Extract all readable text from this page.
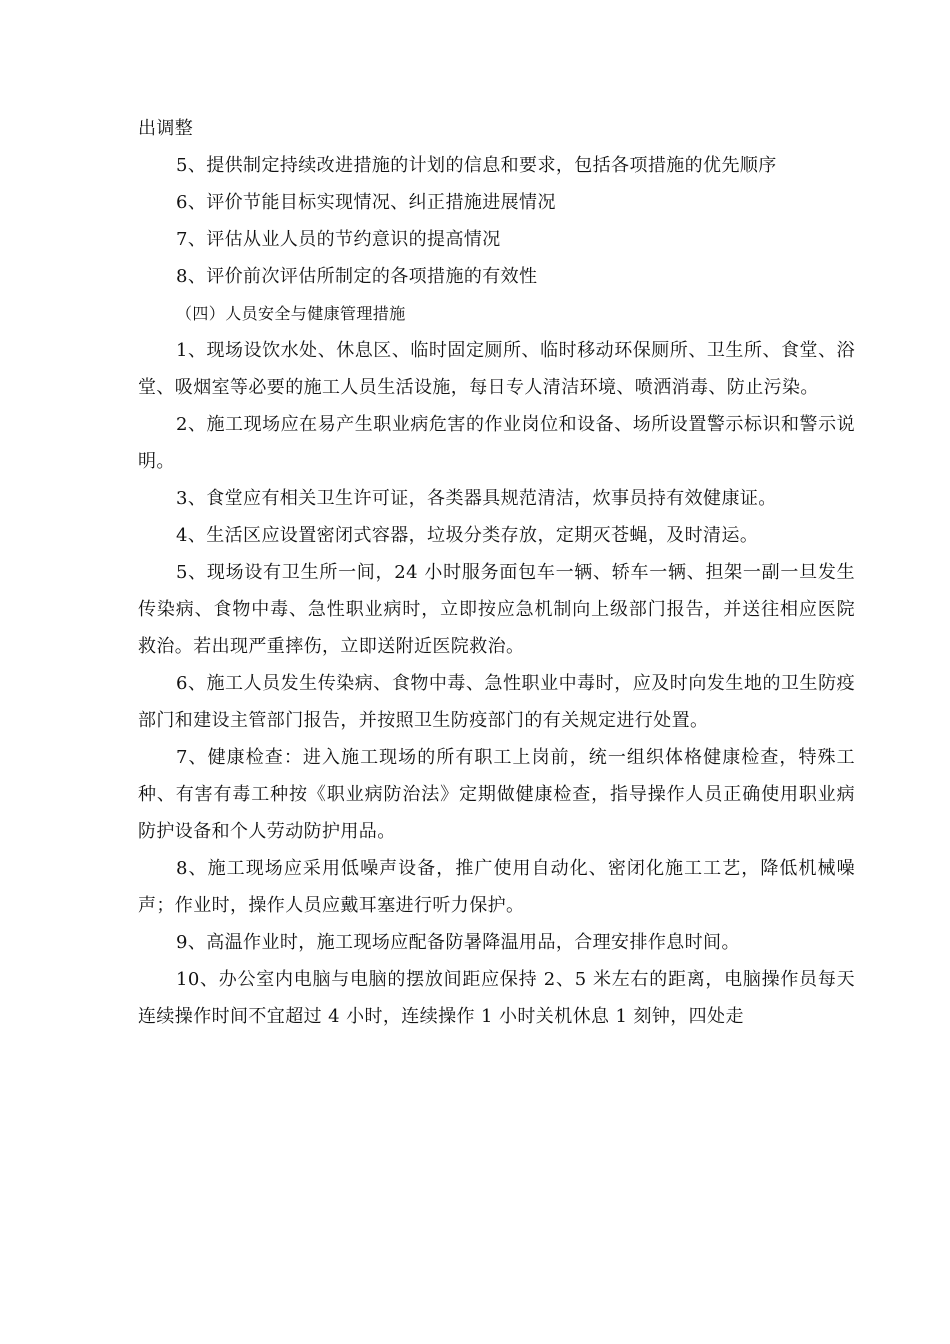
出调整

5、提供制定持续改进措施的计划的信息和要求，包括各项措施的优先顺序

6、评价节能目标实现情况、纠正措施进展情况

7、评估从业人员的节约意识的提高情况

8、评价前次评估所制定的各项措施的有效性

（四）人员安全与健康管理措施

1、现场设饮水处、休息区、临时固定厕所、临时移动环保厕所、卫生所、食堂、浴堂、吸烟室等必要的施工人员生活设施，每日专人清洁环境、喷洒消毒、防止污染。

2、施工现场应在易产生职业病危害的作业岗位和设备、场所设置警示标识和警示说明。

3、食堂应有相关卫生许可证，各类器具规范清洁，炊事员持有效健康证。

4、生活区应设置密闭式容器，垃圾分类存放，定期灭苍蝇，及时清运。

5、现场设有卫生所一间，24 小时服务面包车一辆、轿车一辆、担架一副一旦发生传染病、食物中毒、急性职业病时，立即按应急机制向上级部门报告，并送往相应医院救治。若出现严重摔伤，立即送附近医院救治。

6、施工人员发生传染病、食物中毒、急性职业中毒时，应及时向发生地的卫生防疫部门和建设主管部门报告，并按照卫生防疫部门的有关规定进行处置。

7、健康检查：进入施工现场的所有职工上岗前，统一组织体格健康检查，特殊工种、有害有毒工种按《职业病防治法》定期做健康检查，指导操作人员正确使用职业病防护设备和个人劳动防护用品。

8、施工现场应采用低噪声设备，推广使用自动化、密闭化施工工艺，降低机械噪声；作业时，操作人员应戴耳塞进行听力保护。

9、高温作业时，施工现场应配备防暑降温用品，合理安排作息时间。

10、办公室内电脑与电脑的摆放间距应保持 2、5 米左右的距离，电脑操作员每天连续操作时间不宜超过 4 小时，连续操作 1 小时关机休息 1 刻钟，四处走
